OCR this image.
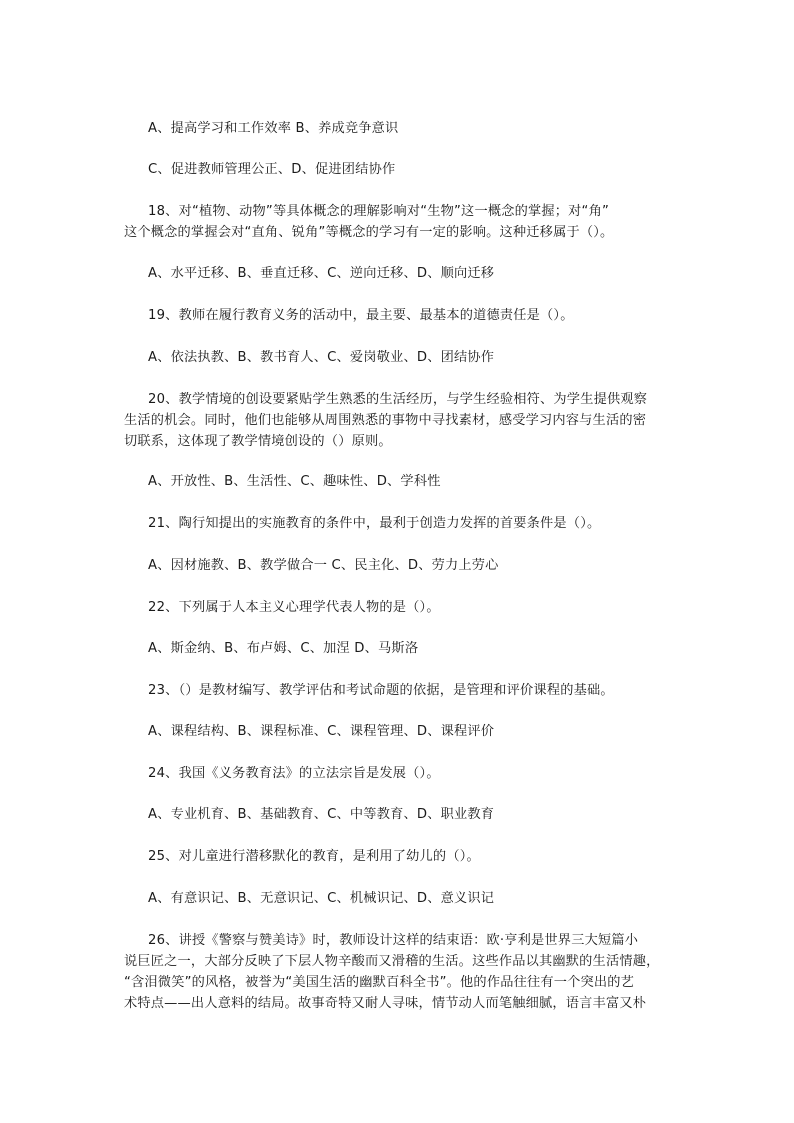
A、提高学习和工作效率 B、养成竞争意识

C、促进教师管理公正、D、促进团结协作

18、对“植物、动物”等具体概念的理解影响对“生物”这一概念的掌握；对“角”
这个概念的掌握会对“直角、锐角”等概念的学习有一定的影响。这种迁移属于（）。

A、水平迁移、B、垂直迁移、C、逆向迁移、D、顺向迁移

19、教师在履行教育义务的活动中，最主要、最基本的道德责任是（）。

A、依法执教、B、教书育人、C、爱岗敬业、D、团结协作

20、教学情境的创设要紧贴学生熟悉的生活经历，与学生经验相符、为学生提供观察
生活的机会。同时，他们也能够从周围熟悉的事物中寻找素材，感受学习内容与生活的密
切联系，这体现了教学情境创设的（）原则。

A、开放性、B、生活性、C、趣味性、D、学科性

21、陶行知提出的实施教育的条件中，最利于创造力发挥的首要条件是（）。

A、因材施教、B、教学做合一 C、民主化、D、劳力上劳心

22、下列属于人本主义心理学代表人物的是（）。

A、斯金纳、B、布卢姆、C、加涅 D、马斯洛

23、（）是教材编写、教学评估和考试命题的依据，是管理和评价课程的基础。

A、课程结构、B、课程标准、C、课程管理、D、课程评价

24、我国《义务教育法》的立法宗旨是发展（）。

A、专业机育、B、基础教育、C、中等教育、D、职业教育

25、对儿童进行潜移默化的教育，是利用了幼儿的（）。

A、有意识记、B、无意识记、C、机械识记、D、意义识记

26、讲授《警察与赞美诗》时，教师设计这样的结束语：欧·亨利是世界三大短篇小
说巨匠之一，大部分反映了下层人物辛酸而又滑稽的生活。这些作品以其幽默的生活情趣，
“含泪微笑”的风格，被誉为“美国生活的幽默百科全书”。他的作品往往有一个突出的艺
术特点——出人意料的结局。故事奇特又耐人寻味，情节动人而笔触细腻，语言丰富又朴
